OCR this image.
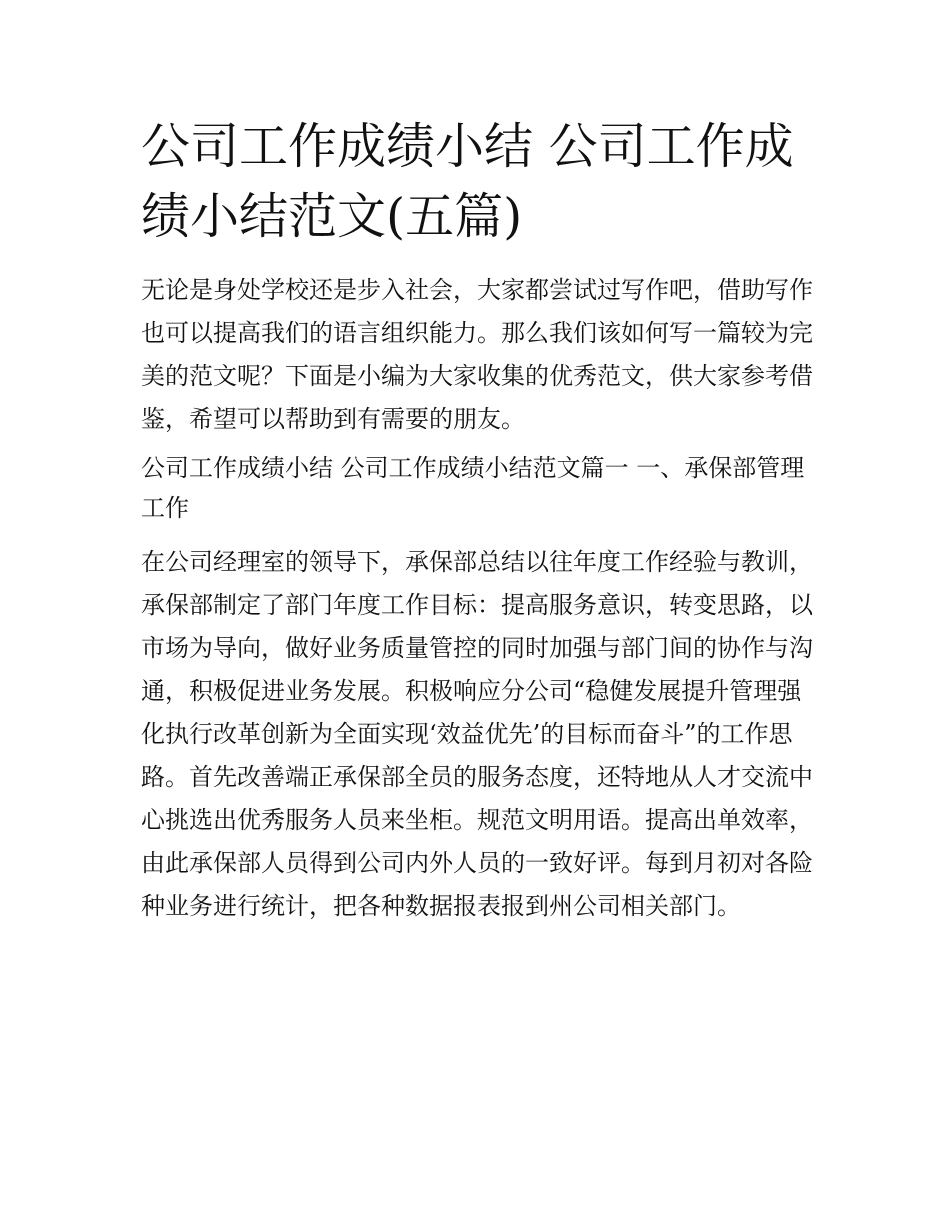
公司工作成绩小结 公司工作成绩小结范文(五篇)

无论是身处学校还是步入社会，大家都尝试过写作吧，借助写作也可以提高我们的语言组织能力。那么我们该如何写一篇较为完美的范文呢？下面是小编为大家收集的优秀范文，供大家参考借鉴，希望可以帮助到有需要的朋友。

公司工作成绩小结 公司工作成绩小结范文篇一 一、承保部管理工作

在公司经理室的领导下，承保部总结以往年度工作经验与教训，承保部制定了部门年度工作目标：提高服务意识，转变思路，以市场为导向，做好业务质量管控的同时加强与部门间的协作与沟通，积极促进业务发展。积极响应分公司“稳健发展提升管理强化执行改革创新为全面实现‘效益优先’的目标而奋斗”的工作思路。首先改善端正承保部全员的服务态度，还特地从人才交流中心挑选出优秀服务人员来坐柜。规范文明用语。提高出单效率，由此承保部人员得到公司内外人员的一致好评。每到月初对各险种业务进行统计，把各种数据报表报到州公司相关部门。
